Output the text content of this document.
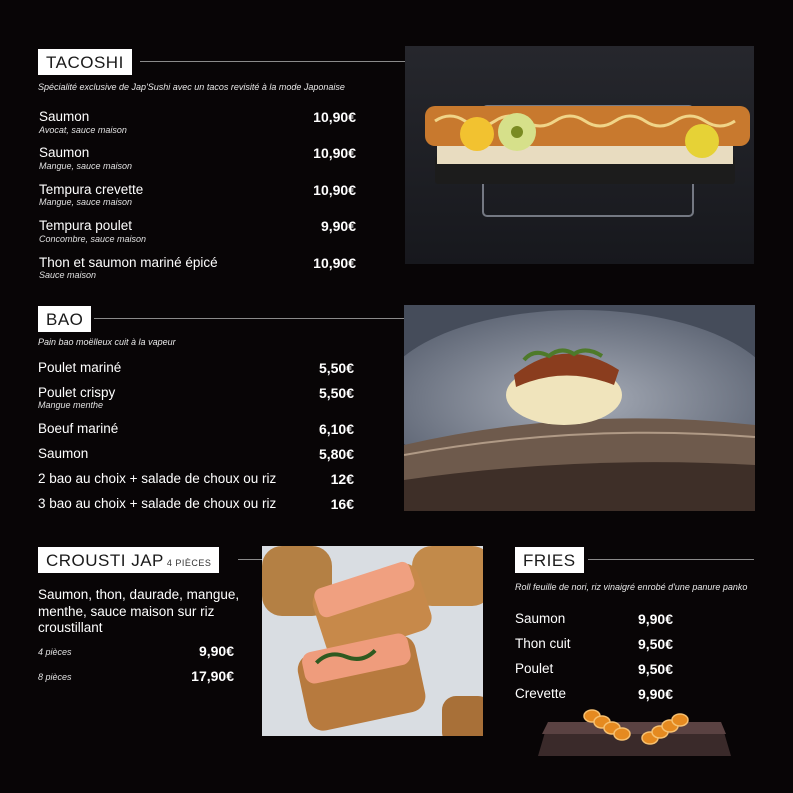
TACOSHI
Spécialité exclusive de Jap'Sushi avec un tacos revisité à la mode Japonaise
Saumon
Avocat, sauce maison
10,90€
Saumon
Mangue, sauce maison
10,90€
Tempura crevette
Mangue, sauce maison
10,90€
Tempura poulet
Concombre, sauce maison
9,90€
Thon et saumon mariné épicé
Sauce maison
10,90€
BAO
Pain bao moëlleux cuit à la vapeur
Poulet mariné	5,50€
Poulet crispy
Mangue menthe
5,50€
Boeuf mariné	6,10€
Saumon	5,80€
2 bao au choix + salade de choux ou riz	12€
3 bao au choix + salade de choux ou riz	16€
CROUSTI JAP 4 PIÈCES
Saumon, thon, daurade, mangue,
menthe, sauce maison sur riz
croustillant
4 pièces	9,90€
8 pièces	17,90€
FRIES
Roll feuille de nori, riz vinaigré enrobé d'une panure panko
Saumon	9,90€
Thon cuit	9,50€
Poulet	9,50€
Crevette	9,90€
